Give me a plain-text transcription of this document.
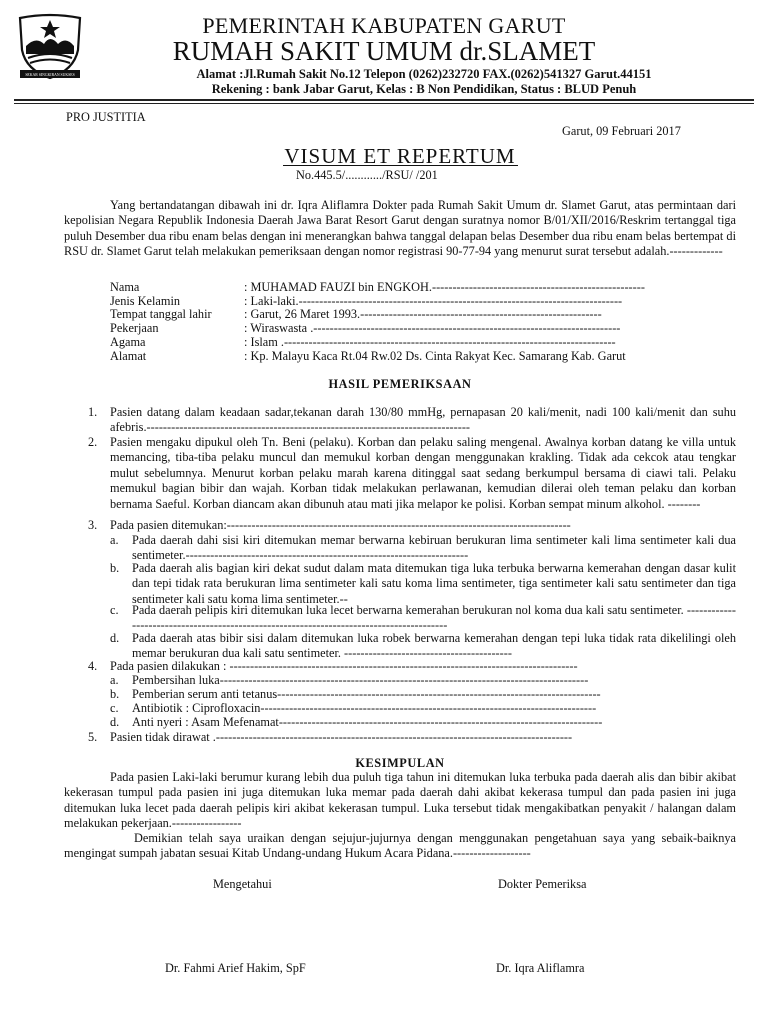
SEKAR SINGKIRAN SUKSES
PEMERINTAH KABUPATEN GARUT
RUMAH SAKIT UMUM dr.SLAMET
Alamat :Jl.Rumah Sakit No.12 Telepon (0262)232720 FAX.(0262)541327 Garut.44151
Rekening : bank Jabar Garut, Kelas : B Non Pendidikan, Status : BLUD Penuh
PRO JUSTITIA
Garut, 09 Februari 2017
VISUM ET REPERTUM
No.445.5/............/RSU/ /201
Yang bertandatangan dibawah ini dr. Iqra Aliflamra Dokter pada Rumah Sakit Umum dr. Slamet Garut, atas permintaan dari kepolisian Negara Republik Indonesia Daerah Jawa Barat Resort Garut dengan suratnya nomor B/01/XII/2016/Reskrim tertanggal tiga puluh Desember dua ribu enam belas dengan ini menerangkan bahwa tanggal delapan belas Desember dua ribu enam belas bertempat di RSU dr. Slamet Garut telah melakukan pemeriksaan dengan nomor registrasi 90-77-94 yang menurut surat tersebut adalah.-------------
Nama	: MUHAMAD FAUZI bin ENGKOH.----------------------------------------------------
Jenis Kelamin	: Laki-laki.-------------------------------------------------------------------------------
Tempat tanggal lahir	: Garut, 26 Maret 1993.-----------------------------------------------------------
Pekerjaan	: Wiraswasta .---------------------------------------------------------------------------
Agama	: Islam .---------------------------------------------------------------------------------
Alamat	: Kp. Malayu Kaca Rt.04 Rw.02 Ds. Cinta Rakyat Kec. Samarang Kab. Garut
HASIL PEMERIKSAAN
1. Pasien datang dalam keadaan sadar,tekanan darah 130/80 mmHg, pernapasan 20 kali/menit, nadi 100 kali/menit dan suhu afebris.-------------------------------------------------------------------------------
2. Pasien mengaku dipukul oleh Tn. Beni (pelaku). Korban dan pelaku saling mengenal. Awalnya korban datang ke villa untuk memancing, tiba-tiba pelaku muncul dan memukul korban dengan menggunakan krakling. Tidak ada cekcok atau tengkar mulut sebelumnya. Menurut korban pelaku marah karena ditinggal saat sedang berkumpul bersama di ciawi tali. Pelaku memukul bagian bibir dan wajah. Korban tidak melakukan perlawanan, kemudian dilerai oleh teman pelaku dan korban bernama Saeful. Korban diancam akan dibunuh atau mati jika melapor ke polisi. Korban sempat minum alkohol. --------
3. Pada pasien ditemukan:------------------------------------------------------------------------------------
a. Pada daerah dahi sisi kiri ditemukan memar berwarna kebiruan berukuran lima sentimeter kali lima sentimeter kali dua sentimeter.---------------------------------------------------------------------
b. Pada daerah alis bagian kiri dekat sudut dalam mata ditemukan tiga luka terbuka berwarna kemerahan dengan dasar kulit dan tepi tidak rata berukuran lima sentimeter kali satu koma lima sentimeter, tiga sentimeter kali satu sentimeter dan tiga sentimeter kali satu koma lima sentimeter.--
c. Pada daerah pelipis kiri ditemukan luka lecet berwarna kemerahan berukuran nol koma dua kali satu sentimeter. -----------------------------------------------------------------------------------------
d. Pada daerah atas bibir sisi dalam ditemukan luka robek berwarna kemerahan dengan tepi luka tidak rata dikelilingi oleh memar berukuran dua kali satu sentimeter. -----------------------------------------
4. Pada pasien dilakukan : -------------------------------------------------------------------------------------
a. Pembersihan luka------------------------------------------------------------------------------------------
b. Pemberian serum anti tetanus-------------------------------------------------------------------------------
c. Antibiotik : Ciprofloxacin----------------------------------------------------------------------------------
d. Anti nyeri : Asam Mefenamat-------------------------------------------------------------------------------
5. Pasien tidak dirawat .---------------------------------------------------------------------------------------
KESIMPULAN
Pada pasien Laki-laki berumur kurang lebih dua puluh tiga tahun ini ditemukan luka terbuka pada daerah alis dan bibir akibat kekerasan tumpul pada pasien ini juga ditemukan luka memar pada daerah dahi akibat kekerasa tumpul dan pada pasien ini juga ditemukan luka lecet pada daerah pelipis kiri akibat kekerasan tumpul. Luka tersebut tidak mengakibatkan penyakit / halangan dalam melakukan pekerjaan.-----------------
Demikian telah saya uraikan dengan sejujur-jujurnya dengan menggunakan pengetahuan saya yang sebaik-baiknya mengingat sumpah jabatan sesuai Kitab Undang-undang Hukum Acara Pidana.-------------------
Mengetahui	Dokter Pemeriksa
Dr. Fahmi Arief Hakim, SpF	Dr. Iqra Aliflamra
